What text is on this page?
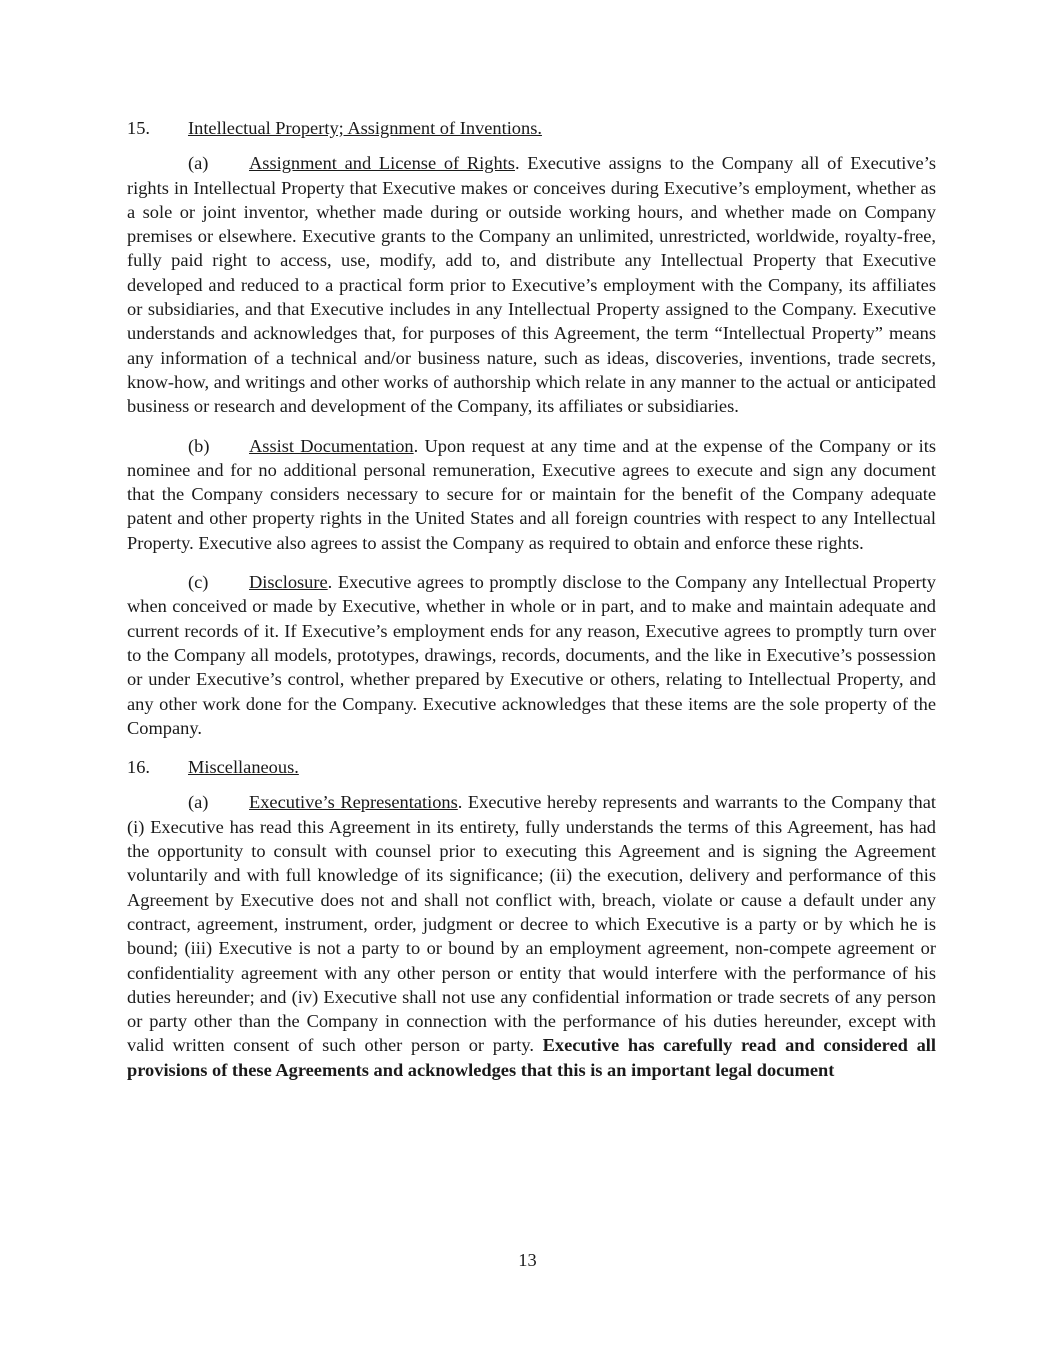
15. Intellectual Property; Assignment of Inventions.

(a) Assignment and License of Rights. Executive assigns to the Company all of Executive’s rights in Intellectual Property that Executive makes or conceives during Executive’s employment, whether as a sole or joint inventor, whether made during or outside working hours, and whether made on Company premises or elsewhere. Executive grants to the Company an unlimited, unrestricted, worldwide, royalty-free, fully paid right to access, use, modify, add to, and distribute any Intellectual Property that Executive developed and reduced to a practical form prior to Executive’s employment with the Company, its affiliates or subsidiaries, and that Executive includes in any Intellectual Property assigned to the Company. Executive understands and acknowledges that, for purposes of this Agreement, the term “Intellectual Property” means any information of a technical and/or business nature, such as ideas, discoveries, inventions, trade secrets, know-how, and writings and other works of authorship which relate in any manner to the actual or anticipated business or research and development of the Company, its affiliates or subsidiaries.

(b) Assist Documentation. Upon request at any time and at the expense of the Company or its nominee and for no additional personal remuneration, Executive agrees to execute and sign any document that the Company considers necessary to secure for or maintain for the benefit of the Company adequate patent and other property rights in the United States and all foreign countries with respect to any Intellectual Property. Executive also agrees to assist the Company as required to obtain and enforce these rights.

(c) Disclosure. Executive agrees to promptly disclose to the Company any Intellectual Property when conceived or made by Executive, whether in whole or in part, and to make and maintain adequate and current records of it. If Executive’s employment ends for any reason, Executive agrees to promptly turn over to the Company all models, prototypes, drawings, records, documents, and the like in Executive’s possession or under Executive’s control, whether prepared by Executive or others, relating to Intellectual Property, and any other work done for the Company. Executive acknowledges that these items are the sole property of the Company.

16. Miscellaneous.

(a) Executive’s Representations. Executive hereby represents and warrants to the Company that (i) Executive has read this Agreement in its entirety, fully understands the terms of this Agreement, has had the opportunity to consult with counsel prior to executing this Agreement and is signing the Agreement voluntarily and with full knowledge of its significance; (ii) the execution, delivery and performance of this Agreement by Executive does not and shall not conflict with, breach, violate or cause a default under any contract, agreement, instrument, order, judgment or decree to which Executive is a party or by which he is bound; (iii) Executive is not a party to or bound by an employment agreement, non-compete agreement or confidentiality agreement with any other person or entity that would interfere with the performance of his duties hereunder; and (iv) Executive shall not use any confidential information or trade secrets of any person or party other than the Company in connection with the performance of his duties hereunder, except with valid written consent of such other person or party. Executive has carefully read and considered all provisions of these Agreements and acknowledges that this is an important legal document

13
